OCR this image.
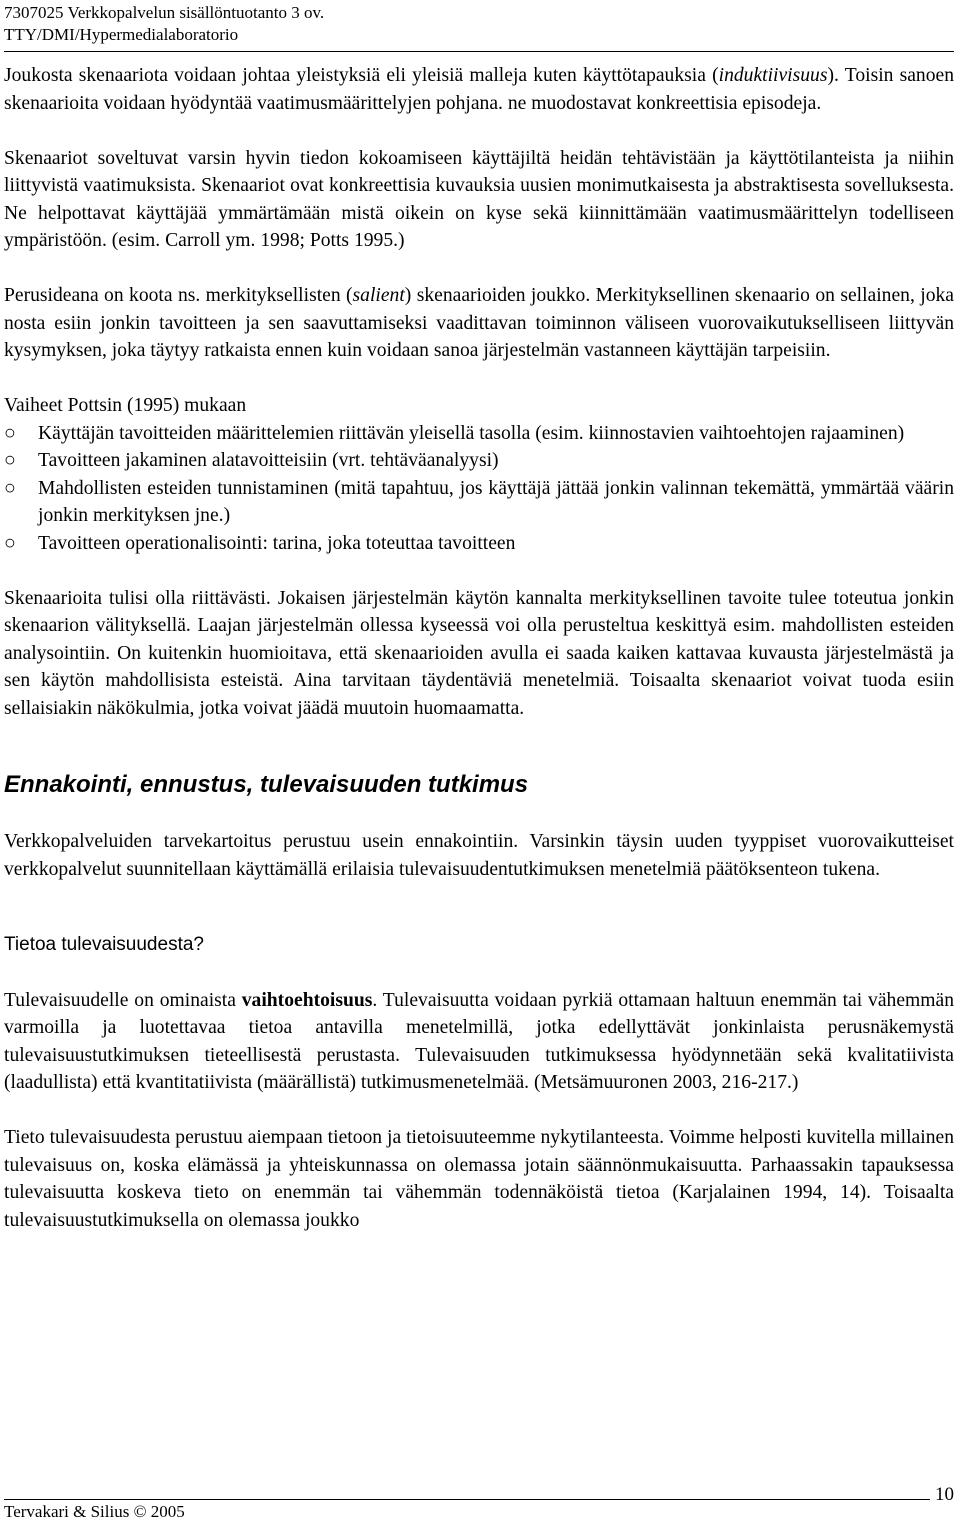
7307025 Verkkopalvelun sisällöntuotanto 3 ov.
TTY/DMI/Hypermedialaboratorio

Joukosta skenaariota voidaan johtaa yleistyksiä eli yleisiä malleja kuten käyttötapauksia (induktiivisuus). Toisin sanoen skenaarioita voidaan hyödyntää vaatimusmäärittelyjen pohjana. ne muodostavat konkreettisia episodeja.

Skenaariot soveltuvat varsin hyvin tiedon kokoamiseen käyttäjiltä heidän tehtävistään ja käyttötilanteista ja niihin liittyvistä vaatimuksista. Skenaariot ovat konkreettisia kuvauksia uusien monimutkaisesta ja abstraktisesta sovelluksesta. Ne helpottavat käyttäjää ymmärtämään mistä oikein on kyse sekä kiinnittämään vaatimusmäärittelyn todelliseen ympäristöön. (esim. Carroll ym. 1998; Potts 1995.)

Perusideana on koota ns. merkityksellisten (salient) skenaarioiden joukko. Merkityksellinen skenaario on sellainen, joka nosta esiin jonkin tavoitteen ja sen saavuttamiseksi vaadittavan toiminnon väliseen vuorovaikutukselliseen liittyvän kysymyksen, joka täytyy ratkaista ennen kuin voidaan sanoa järjestelmän vastanneen käyttäjän tarpeisiin.

Vaiheet Pottsin (1995) mukaan

○	Käyttäjän tavoitteiden määrittelemien riittävän yleisellä tasolla (esim. kiinnostavien vaihtoehtojen rajaaminen)
○	Tavoitteen jakaminen alatavoitteisiin (vrt. tehtäväanalyysi)
○	Mahdollisten esteiden tunnistaminen (mitä tapahtuu, jos käyttäjä jättää jonkin valinnan tekemättä, ymmärtää väärin jonkin merkityksen jne.)
○	Tavoitteen operationalisointi: tarina, joka toteuttaa tavoitteen

Skenaarioita tulisi olla riittävästi. Jokaisen järjestelmän käytön kannalta merkityksellinen tavoite tulee toteutua jonkin skenaarion välityksellä. Laajan järjestelmän ollessa kyseessä voi olla perusteltua keskittyä esim. mahdollisten esteiden analysointiin. On kuitenkin huomioitava, että skenaarioiden avulla ei saada kaiken kattavaa kuvausta järjestelmästä ja sen käytön mahdollisista esteistä. Aina tarvitaan täydentäviä menetelmiä. Toisaalta skenaariot voivat tuoda esiin sellaisiakin näkökulmia, jotka voivat jäädä muutoin huomaamatta.

Ennakointi, ennustus, tulevaisuuden tutkimus

Verkkopalveluiden tarvekartoitus perustuu usein ennakointiin. Varsinkin täysin uuden tyyppiset vuorovaikutteiset verkkopalvelut suunnitellaan käyttämällä erilaisia tulevaisuudentutkimuksen menetelmiä päätöksenteon tukena.

Tietoa tulevaisuudesta?

Tulevaisuudelle on ominaista vaihtoehtoisuus. Tulevaisuutta voidaan pyrkiä ottamaan haltuun enemmän tai vähemmän varmoilla ja luotettavaa tietoa antavilla menetelmillä, jotka edellyttävät jonkinlaista perusnäkemystä tulevaisuustutkimuksen tieteellisestä perustasta. Tulevaisuuden tutkimuksessa hyödynnetään sekä kvalitatiivista (laadullista) että kvantitatiivista (määrällistä) tutkimusmenetelmää. (Metsämuuronen 2003, 216-217.)

Tieto tulevaisuudesta perustuu aiempaan tietoon ja tietoisuuteemme nykytilanteesta. Voimme helposti kuvitella millainen tulevaisuus on, koska elämässä ja yhteiskunnassa on olemassa jotain säännönmukaisuutta. Parhaassakin tapauksessa tulevaisuutta koskeva tieto on enemmän tai vähemmän todennäköistä tietoa (Karjalainen 1994, 14). Toisaalta tulevaisuustutkimuksella on olemassa joukko

10
Tervakari & Silius © 2005
